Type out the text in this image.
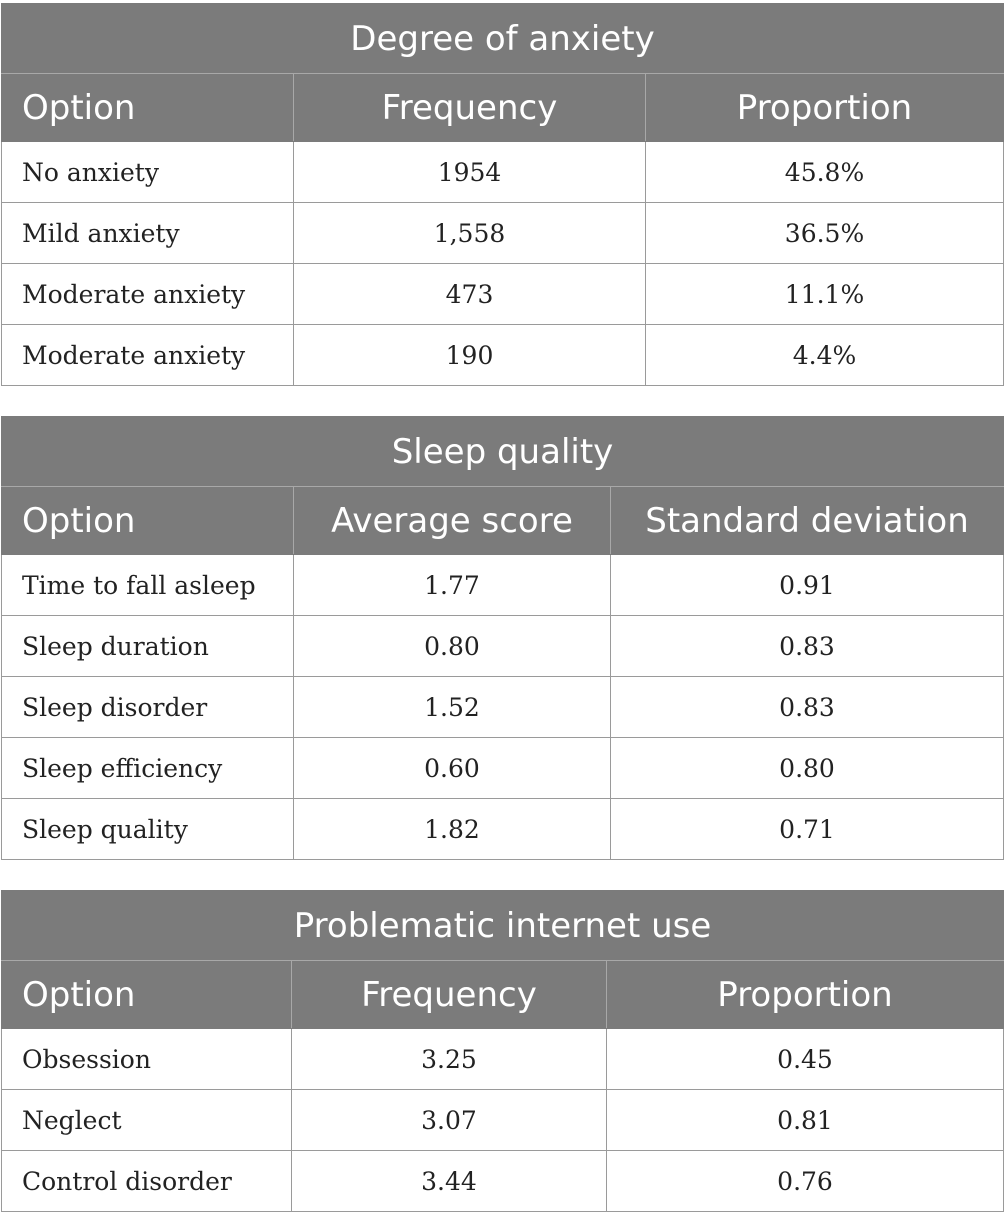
Degree of anxiety		
Option	Frequency	Proportion
No anxiety	1954	45.8%
Mild anxiety	1,558	36.5%
Moderate anxiety	473	11.1%
Moderate anxiety	190	4.4%
Sleep quality		
Option	Average score	Standard deviation
Time to fall asleep	1.77	0.91
Sleep duration	0.80	0.83
Sleep disorder	1.52	0.83
Sleep efficiency	0.60	0.80
Sleep quality	1.82	0.71
Problematic internet use		
Option	Frequency	Proportion
Obsession	3.25	0.45
Neglect	3.07	0.81
Control disorder	3.44	0.76
